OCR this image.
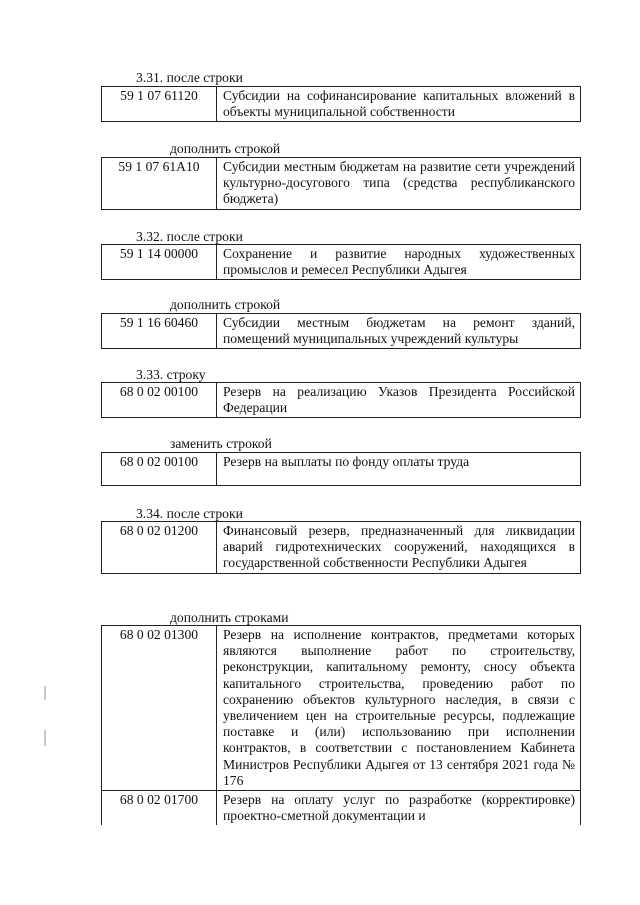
3.31. после строки
59 1 07 61120	Субсидии на софинансирование капитальных вложений в объекты муниципальной собственности
дополнить строкой
59 1 07 61А10	Субсидии местным бюджетам на развитие сети учреждений культурно-досугового типа (средства республиканского бюджета)
3.32. после строки
59 1 14 00000	Сохранение и развитие народных художественных промыслов и ремесел Республики Адыгея
дополнить строкой
59 1 16 60460	Субсидии местным бюджетам на ремонт зданий, помещений муниципальных учреждений культуры
3.33. строку
68 0 02 00100	Резерв на реализацию Указов Президента Российской Федерации
заменить строкой
68 0 02 00100	Резерв на выплаты по фонду оплаты труда
3.34. после строки
68 0 02 01200	Финансовый резерв, предназначенный для ликвидации аварий гидротехнических сооружений, находящихся в государственной собственности Республики Адыгея
дополнить строками
68 0 02 01300	Резерв на исполнение контрактов, предметами которых являются выполнение работ по строительству, реконструкции, капитальному ремонту, сносу объекта капитального строительства, проведению работ по сохранению объектов культурного наследия, в связи с увеличением цен на строительные ресурсы, подлежащие поставке и (или) использованию при исполнении контрактов, в соответствии с постановлением Кабинета Министров Республики Адыгея от 13 сентября 2021 года № 176
68 0 02 01700	Резерв на оплату услуг по разработке (корректировке) проектно-сметной документации и
